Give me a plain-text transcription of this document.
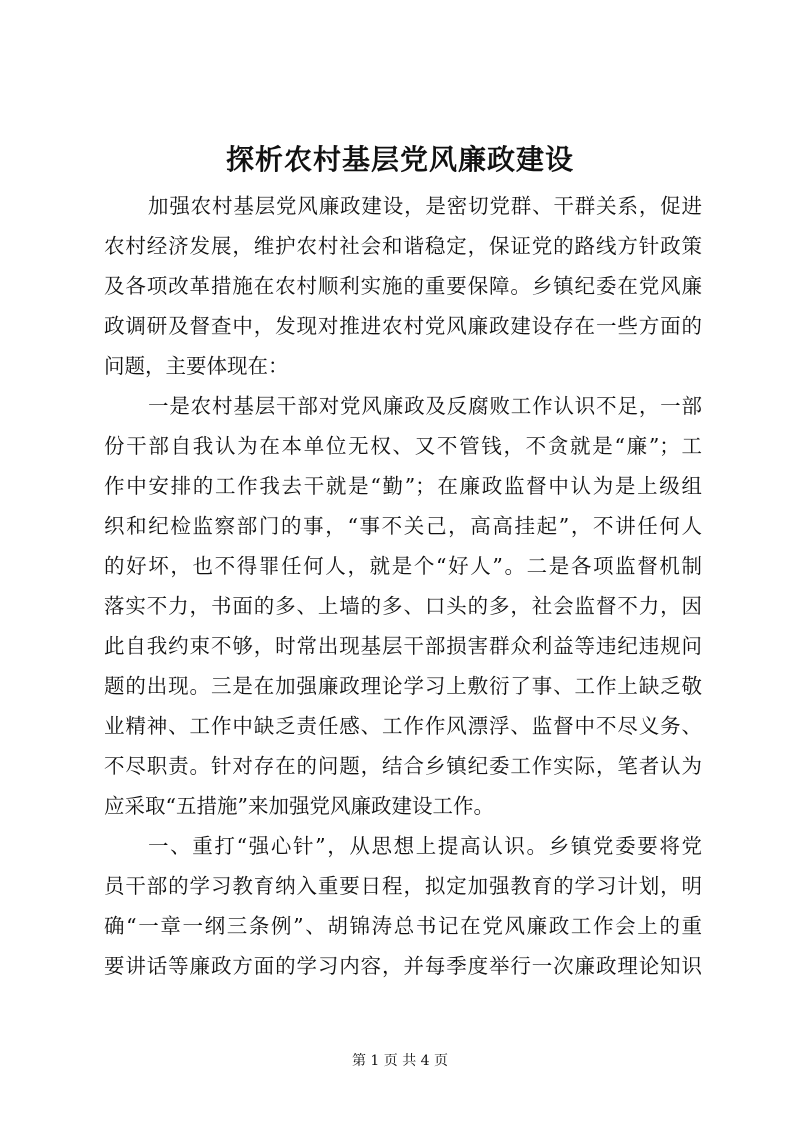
探析农村基层党风廉政建设
加强农村基层党风廉政建设，是密切党群、干群关系，促进
农村经济发展，维护农村社会和谐稳定，保证党的路线方针政策
及各项改革措施在农村顺利实施的重要保障。乡镇纪委在党风廉
政调研及督查中，发现对推进农村党风廉政建设存在一些方面的
问题，主要体现在：
一是农村基层干部对党风廉政及反腐败工作认识不足，一部
份干部自我认为在本单位无权、又不管钱，不贪就是“廉”；工
作中安排的工作我去干就是“勤”；在廉政监督中认为是上级组
织和纪检监察部门的事，“事不关己，高高挂起”，不讲任何人
的好坏，也不得罪任何人，就是个“好人”。二是各项监督机制
落实不力，书面的多、上墙的多、口头的多，社会监督不力，因
此自我约束不够，时常出现基层干部损害群众利益等违纪违规问
题的出现。三是在加强廉政理论学习上敷衍了事、工作上缺乏敬
业精神、工作中缺乏责任感、工作作风漂浮、监督中不尽义务、
不尽职责。针对存在的问题，结合乡镇纪委工作实际，笔者认为
应采取“五措施”来加强党风廉政建设工作。
一、重打“强心针”，从思想上提高认识。乡镇党委要将党
员干部的学习教育纳入重要日程，拟定加强教育的学习计划，明
确“一章一纲三条例”、胡锦涛总书记在党风廉政工作会上的重
要讲话等廉政方面的学习内容，并每季度举行一次廉政理论知识
第 1 页 共 4 页
